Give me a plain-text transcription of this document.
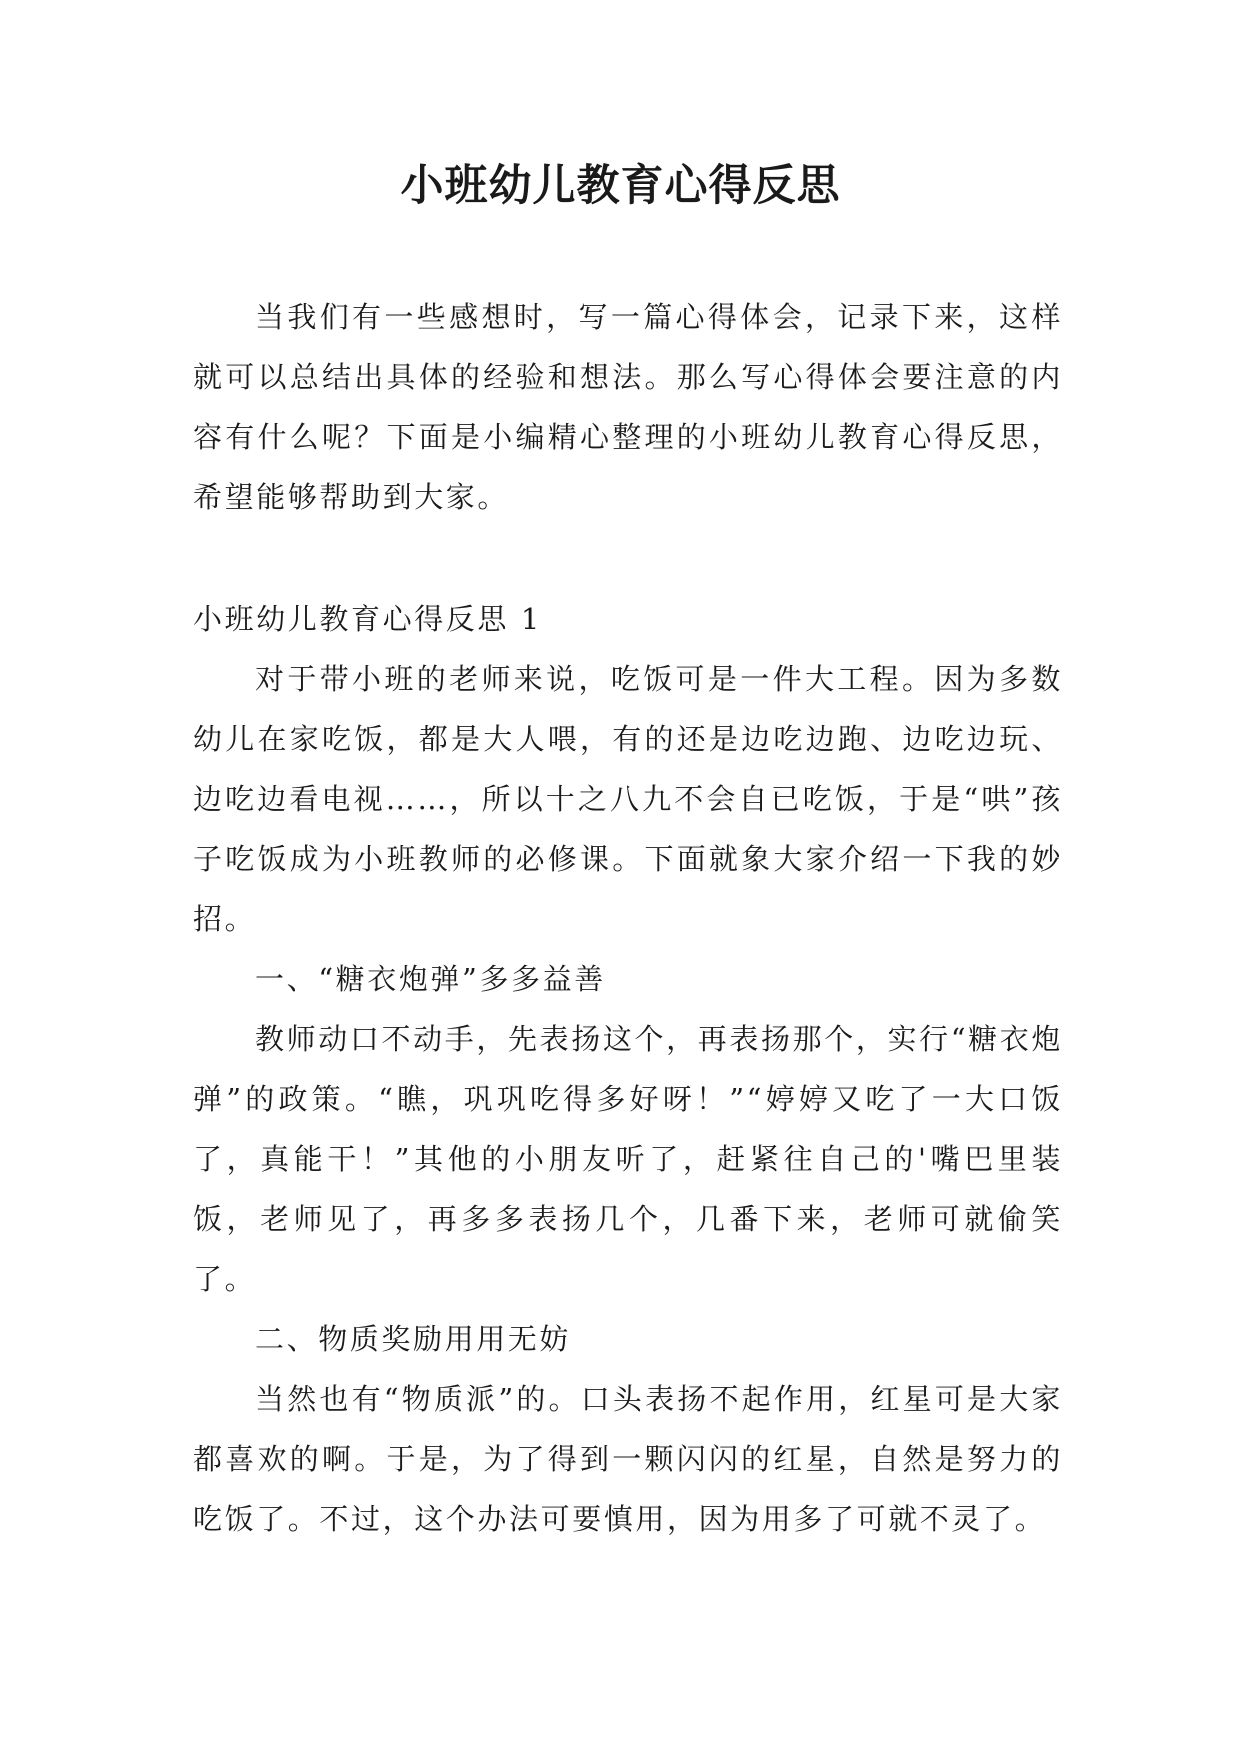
小班幼儿教育心得反思

当我们有一些感想时，写一篇心得体会，记录下来，这样就可以总结出具体的经验和想法。那么写心得体会要注意的内容有什么呢？下面是小编精心整理的小班幼儿教育心得反思，希望能够帮助到大家。

小班幼儿教育心得反思 1

对于带小班的老师来说，吃饭可是一件大工程。因为多数幼儿在家吃饭，都是大人喂，有的还是边吃边跑、边吃边玩、边吃边看电视……，所以十之八九不会自已吃饭，于是“哄”孩子吃饭成为小班教师的必修课。下面就象大家介绍一下我的妙招。

一、“糖衣炮弹”多多益善

教师动口不动手，先表扬这个，再表扬那个，实行“糖衣炮弹”的政策。“瞧，巩巩吃得多好呀！”“婷婷又吃了一大口饭了，真能干！”其他的小朋友听了，赶紧往自己的'嘴巴里装饭，老师见了，再多多表扬几个，几番下来，老师可就偷笑了。

二、物质奖励用用无妨

当然也有“物质派”的。口头表扬不起作用，红星可是大家都喜欢的啊。于是，为了得到一颗闪闪的红星，自然是努力的吃饭了。不过，这个办法可要慎用，因为用多了可就不灵了。
